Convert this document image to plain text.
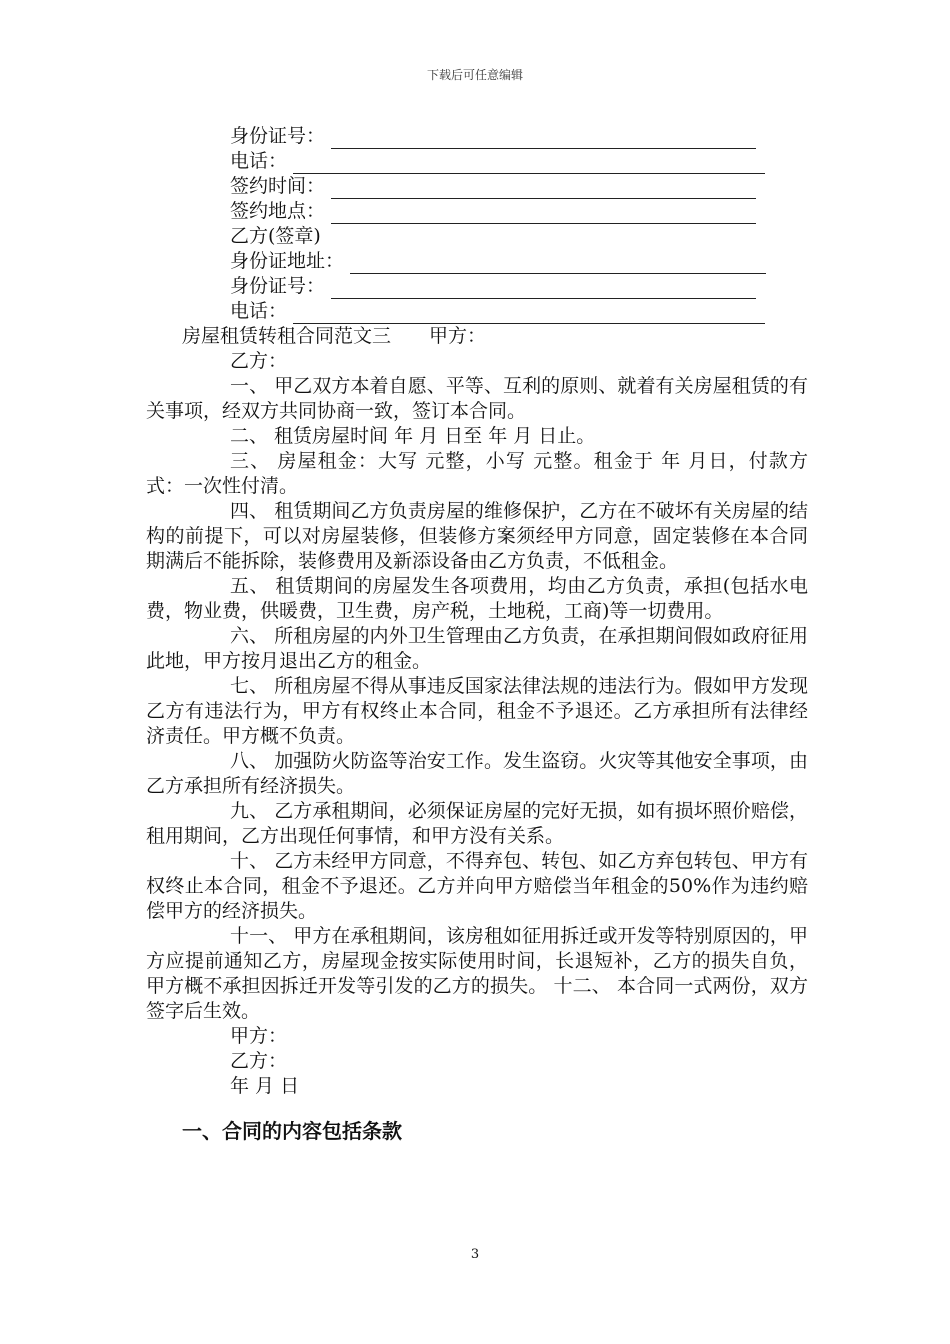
下载后可任意编辑
身份证号：
电话：
签约时间：
签约地点：
乙方(签章)
身份证地址：
身份证号：
电话：
房屋租赁转租合同范文三　　甲方：
乙方：
一、 甲乙双方本着自愿、平等、互利的原则、就着有关房屋租赁的有关事项，经双方共同协商一致，签订本合同。
二、 租赁房屋时间 年 月 日至 年 月 日止。
三、 房屋租金：大写 元整，小写 元整。租金于 年 月日，付款方式：一次性付清。
四、 租赁期间乙方负责房屋的维修保护，乙方在不破坏有关房屋的结构的前提下，可以对房屋装修，但装修方案须经甲方同意，固定装修在本合同期满后不能拆除，装修费用及新添设备由乙方负责，不低租金。
五、 租赁期间的房屋发生各项费用，均由乙方负责，承担(包括水电费，物业费，供暖费，卫生费，房产税，土地税，工商)等一切费用。
六、 所租房屋的内外卫生管理由乙方负责，在承担期间假如政府征用此地，甲方按月退出乙方的租金。
七、 所租房屋不得从事违反国家法律法规的违法行为。假如甲方发现乙方有违法行为，甲方有权终止本合同，租金不予退还。乙方承担所有法律经济责任。甲方概不负责。
八、 加强防火防盗等治安工作。发生盗窃。火灾等其他安全事项，由乙方承担所有经济损失。
九、 乙方承租期间，必须保证房屋的完好无损，如有损坏照价赔偿，租用期间，乙方出现任何事情，和甲方没有关系。
十、 乙方未经甲方同意，不得弃包、转包、如乙方弃包转包、甲方有权终止本合同，租金不予退还。乙方并向甲方赔偿当年租金的50%作为违约赔偿甲方的经济损失。
十一、 甲方在承租期间，该房租如征用拆迁或开发等特别原因的，甲方应提前通知乙方，房屋现金按实际使用时间，长退短补，乙方的损失自负，甲方概不承担因拆迁开发等引发的乙方的损失。 十二、 本合同一式两份，双方签字后生效。
甲方：
乙方：
年 月 日
一、合同的内容包括条款
3
